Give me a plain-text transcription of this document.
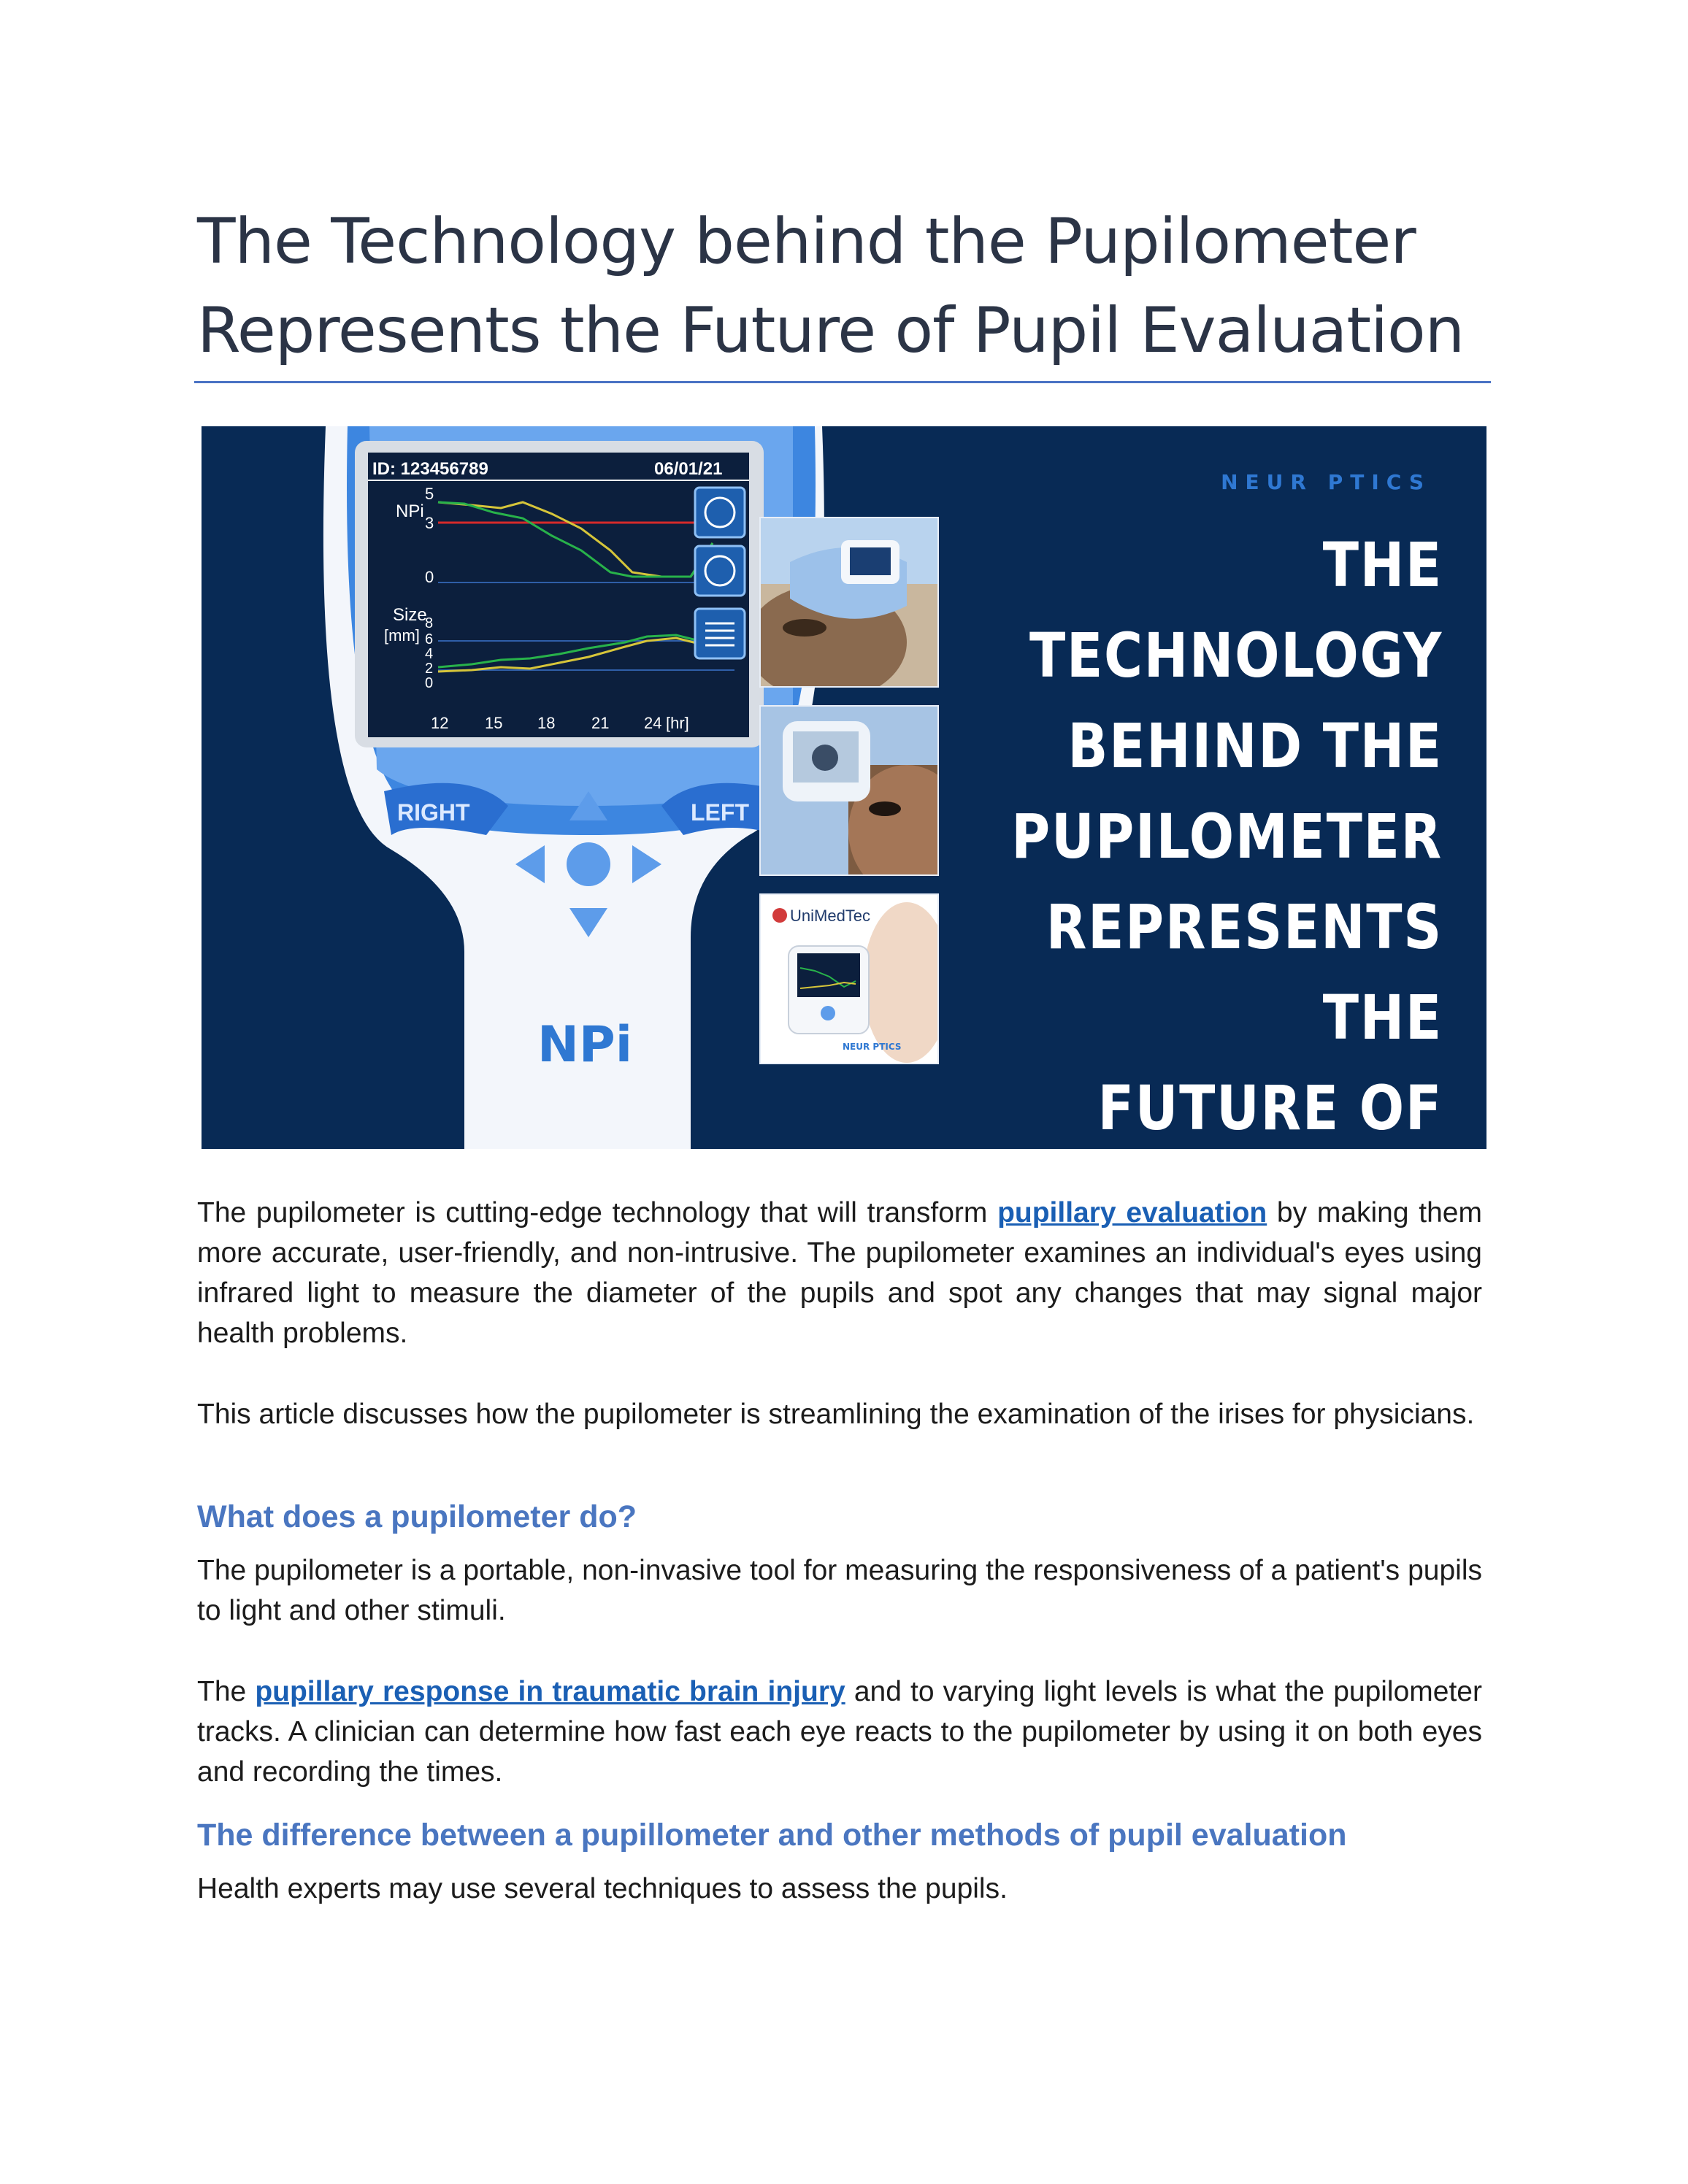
The Technology behind the Pupilometer
Represents the Future of Pupil Evaluation
ID: 123456789	06/01/21
NPi
5
3
0
Size
[mm]
8
6
4
2
0
12 15 18 21 24 [hr]
RIGHT	LEFT
NPi
UniMedTec
NEUR PTICS
NEUR PTICS
THE TECHNOLOGY
BEHIND THE
PUPILOMETER
REPRESENTS THE
FUTURE OF
The pupilometer is cutting-edge technology that will transform pupillary evaluation by making them more accurate, user-friendly, and non-intrusive. The pupilometer examines an individual's eyes using infrared light to measure the diameter of the pupils and spot any changes that may signal major health problems.
This article discusses how the pupilometer is streamlining the examination of the irises for physicians.
What does a pupilometer do?
The pupilometer is a portable, non-invasive tool for measuring the responsiveness of a patient's pupils to light and other stimuli.
The pupillary response in traumatic brain injury and to varying light levels is what the pupilometer tracks. A clinician can determine how fast each eye reacts to the pupilometer by using it on both eyes and recording the times.
The difference between a pupillometer and other methods of pupil evaluation
Health experts may use several techniques to assess the pupils.
